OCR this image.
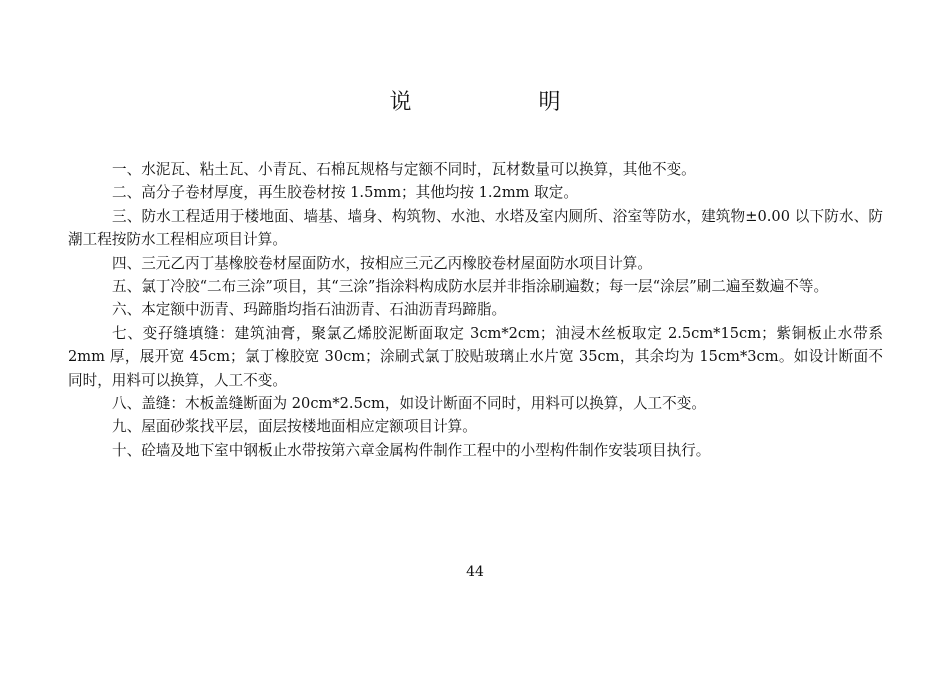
说 明

一、水泥瓦、粘土瓦、小青瓦、石棉瓦规格与定额不同时，瓦材数量可以换算，其他不变。

二、高分子卷材厚度，再生胶卷材按 1.5mm；其他均按 1.2mm 取定。

三、防水工程适用于楼地面、墙基、墙身、构筑物、水池、水塔及室内厕所、浴室等防水，建筑物±0.00 以下防水、防潮工程按防水工程相应项目计算。

四、三元乙丙丁基橡胶卷材屋面防水，按相应三元乙丙橡胶卷材屋面防水项目计算。

五、氯丁冷胶“二布三涂”项目，其“三涂”指涂料构成防水层并非指涂刷遍数；每一层“涂层”刷二遍至数遍不等。

六、本定额中沥青、玛蹄脂均指石油沥青、石油沥青玛蹄脂。

七、变孖缝填缝：建筑油膏，聚氯乙烯胶泥断面取定 3cm*2cm；油浸木丝板取定 2.5cm*15cm；紫铜板止水带系 2mm 厚，展开宽 45cm；氯丁橡胶宽 30cm；涂刷式氯丁胶贴玻璃止水片宽 35cm，其余均为 15cm*3cm。如设计断面不同时，用料可以换算，人工不变。

八、盖缝：木板盖缝断面为 20cm*2.5cm，如设计断面不同时，用料可以换算，人工不变。

九、屋面砂浆找平层，面层按楼地面相应定额项目计算。

十、砼墙及地下室中钢板止水带按第六章金属构件制作工程中的小型构件制作安装项目执行。

44
